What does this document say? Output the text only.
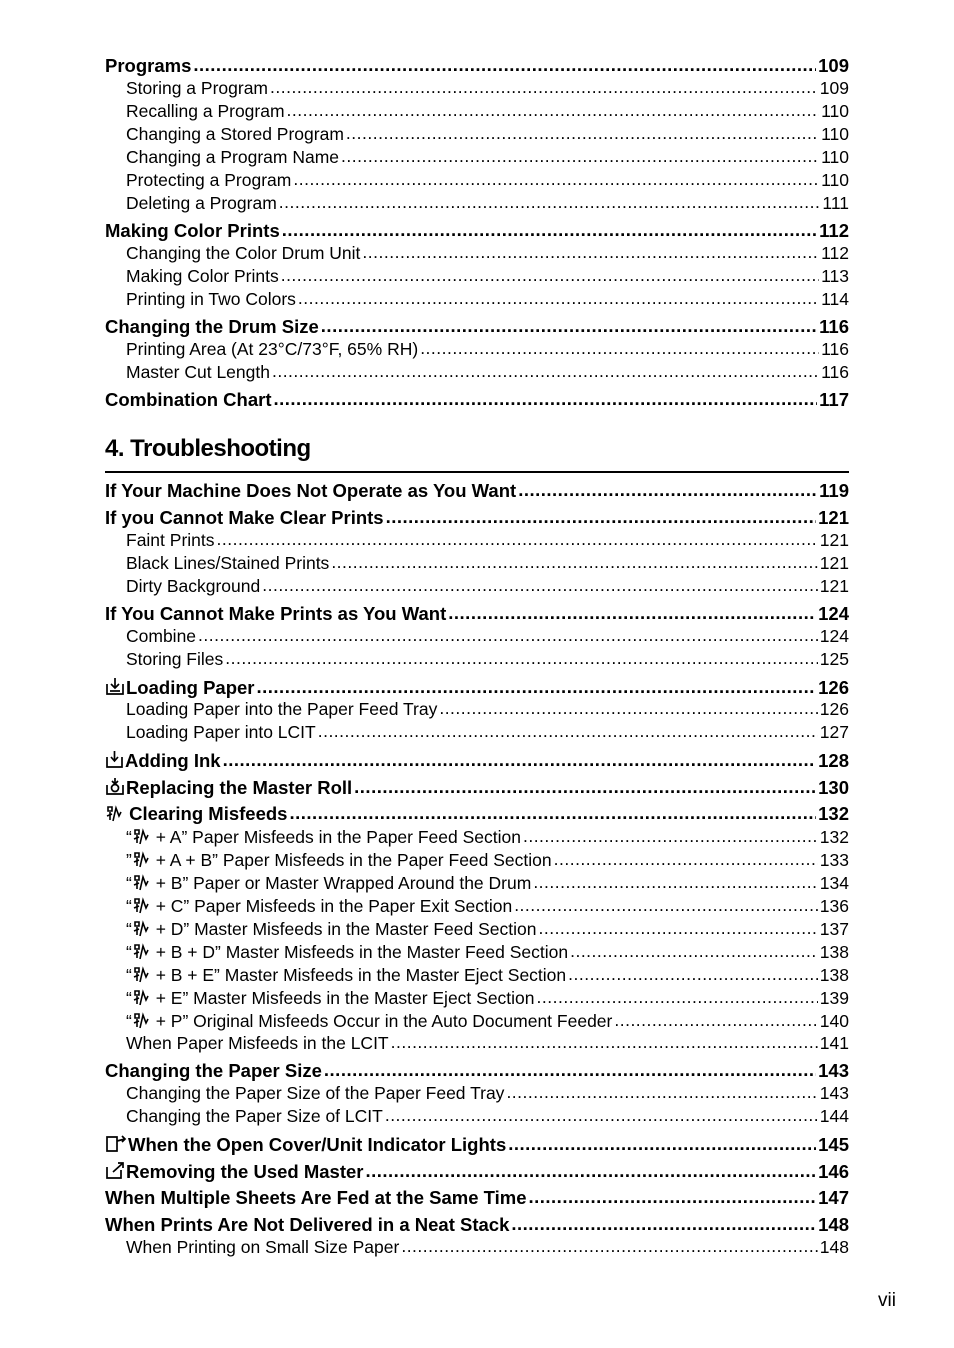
Programs .....	109
Storing a Program .....	109
Recalling a Program .....	110
Changing a Stored Program .....	110
Changing a Program Name .....	110
Protecting a Program .....	110
Deleting a Program .....	111
Making Color Prints .....	112
Changing the Color Drum Unit .....	112
Making Color Prints .....	113
Printing in Two Colors .....	114
Changing the Drum Size .....	116
Printing Area (At 23°C/73°F, 65% RH) .....	116
Master Cut Length .....	116
Combination Chart .....	117
4. Troubleshooting
If Your Machine Does Not Operate as You Want .....	119
If you Cannot Make Clear Prints .....	121
Faint Prints .....	121
Black Lines/Stained Prints .....	121
Dirty Background .....	121
If You Cannot Make Prints as You Want .....	124
Combine .....	124
Storing Files .....	125
Loading Paper .....	126
Loading Paper into the Paper Feed Tray .....	126
Loading Paper into LCIT .....	127
Adding Ink .....	128
Replacing the Master Roll .....	130
Clearing Misfeeds .....	132
“
+ A” Paper Misfeeds in the Paper Feed Section .....	132
”
+ A + B” Paper Misfeeds in the Paper Feed Section .....	133
“
+ B” Paper or Master Wrapped Around the Drum .....	134
“
+ C” Paper Misfeeds in the Paper Exit Section .....	136
“
+ D” Master Misfeeds in the Master Feed Section .....	137
“
+ B + D” Master Misfeeds in the Master Feed Section .....	138
“
+ B + E” Master Misfeeds in the Master Eject Section .....	138
“
+ E” Master Misfeeds in the Master Eject Section .....	139
“
+ P” Original Misfeeds Occur in the Auto Document Feeder .....	140
When Paper Misfeeds in the LCIT .....	141
Changing the Paper Size .....	143
Changing the Paper Size of the Paper Feed Tray .....	143
Changing the Paper Size of LCIT .....	144
When the Open Cover/Unit Indicator Lights .....	145
Removing the Used Master .....	146
When Multiple Sheets Are Fed at the Same Time .....	147
When Prints Are Not Delivered in a Neat Stack .....	148
When Printing on Small Size Paper .....	148
vii
